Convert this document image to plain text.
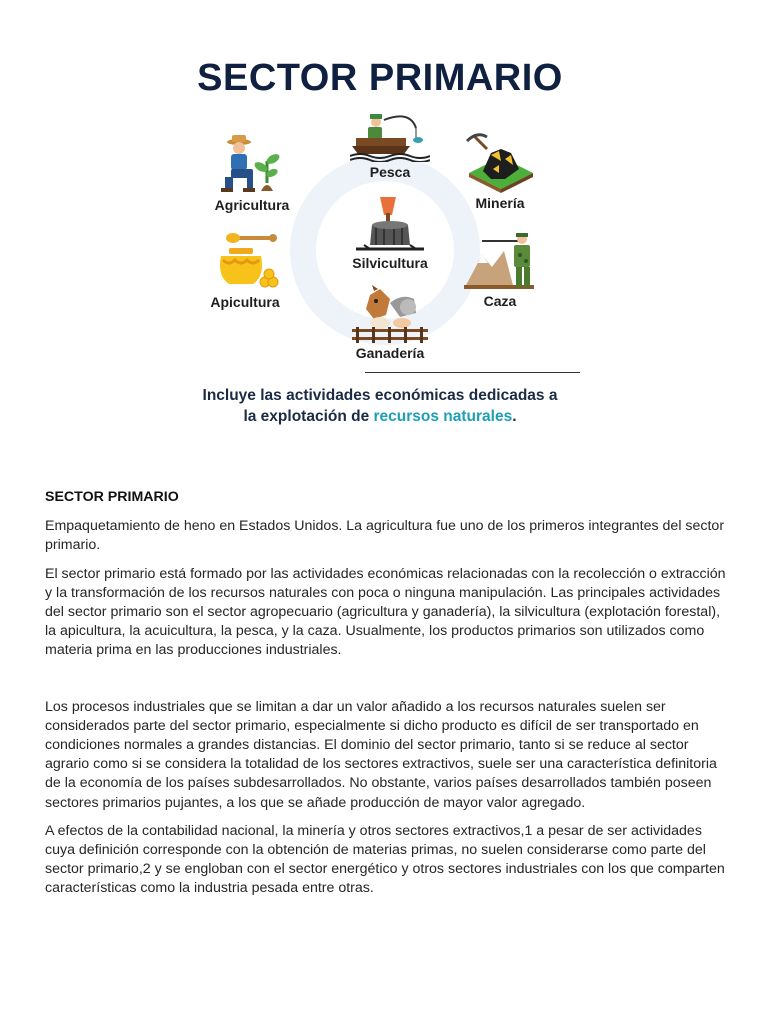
SECTOR PRIMARIO
Agricultura
Pesca
Minería
Silvicultura
Apicultura	Caza
Ganadería
Incluye las actividades económicas dedicadas a
la explotación de recursos naturales.
SECTOR PRIMARIO

Empaquetamiento de heno en Estados Unidos. La agricultura fue uno de los primeros integrantes del sector primario.

El sector primario está formado por las actividades económicas relacionadas con la recolección o extracción y la transformación de los recursos naturales con poca o ninguna manipulación. Las principales actividades del sector primario son el sector agropecuario (agricultura y ganadería), la silvicultura (explotación forestal), la apicultura, la acuicultura, la pesca, y la caza. Usualmente, los productos primarios son utilizados como materia prima en las producciones industriales.

Los procesos industriales que se limitan a dar un valor añadido a los recursos naturales suelen ser considerados parte del sector primario, especialmente si dicho producto es difícil de ser transportado en condiciones normales a grandes distancias. El dominio del sector primario, tanto si se reduce al sector agrario como si se considera la totalidad de los sectores extractivos, suele ser una característica definitoria de la economía de los países subdesarrollados. No obstante, varios países desarrollados también poseen sectores primarios pujantes, a los que se añade producción de mayor valor agregado.

A efectos de la contabilidad nacional, la minería y otros sectores extractivos,1 a pesar de ser actividades cuya definición corresponde con la obtención de materias primas, no suelen considerarse como parte del sector primario,2 y se engloban con el sector energético y otros sectores industriales con los que comparten características como la industria pesada entre otras.
